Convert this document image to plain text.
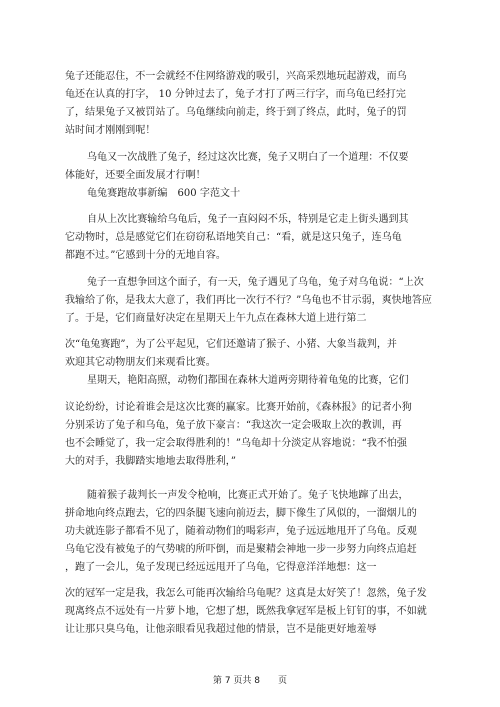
兔子还能忍住，不一会就经不住网络游戏的吸引，兴高采烈地玩起游戏，而乌
龟还在认真的打字， 10 分钟过去了，兔子才打了两三行字，而乌龟已经打完
了，结果兔子又被罚站了。乌龟继续向前走，终于到了终点，此时，兔子的罚
站时间才刚刚到呢！
乌龟又一次战胜了兔子，经过这次比赛，兔子又明白了一个道理：不仅要
体能好，还要全面发展才行啊！
龟兔赛跑故事新编　600 字范文十
自从上次比赛输给乌龟后，兔子一直闷闷不乐，特别是它走上街头遇到其
它动物时，总是感觉它们在窃窃私语地笑自己：“看，就是这只兔子，连乌龟
都跑不过。”它感到十分的无地自容。
兔子一直想争回这个面子，有一天，兔子遇见了乌龟，兔子对乌龟说：“上次
我输给了你，是我太大意了，我们再比一次行不行？”乌龟也不甘示弱，爽快地答应
了。于是，它们商量好决定在星期天上午九点在森林大道上进行第二
次“龟兔赛跑”，为了公平起见，它们还邀请了猴子、小猪、大象当裁判，并
欢迎其它动物朋友们来观看比赛。
星期天，艳阳高照，动物们都围在森林大道两旁期待着龟兔的比赛，它们
议论纷纷，讨论着谁会是这次比赛的赢家。比赛开始前，《森林报》的记者小狗
分别采访了兔子和乌龟，兔子放下豪言：“我这次一定会吸取上次的教训，再
也不会睡觉了，我一定会取得胜利的！”乌龟却十分淡定从容地说：“我不怕强
大的对手，我脚踏实地地去取得胜利，”
随着猴子裁判长一声发令枪响，比赛正式开始了。兔子飞快地蹿了出去，
拼命地向终点跑去，它的四条腿飞速向前迈去，脚下像生了风似的，一溜烟儿的
功夫就连影子都看不见了，随着动物们的喝彩声，兔子远远地甩开了乌龟。反观
乌龟它没有被兔子的气势唬的所吓倒，而是聚精会神地一步一步努力向终点追赶
，跑了一会儿，兔子发现已经远远甩开了乌龟，它得意洋洋地想：这一
次的冠军一定是我，我怎么可能再次输给乌龟呢？这真是太好笑了！忽然，兔子发
现离终点不远处有一片萝卜地，它想了想，既然我拿冠军是板上钉钉的事，不如就
让让那只臭乌龟，让他亲眼看见我超过他的情景，岂不是能更好地羞辱
第 7 页共 8　　页
